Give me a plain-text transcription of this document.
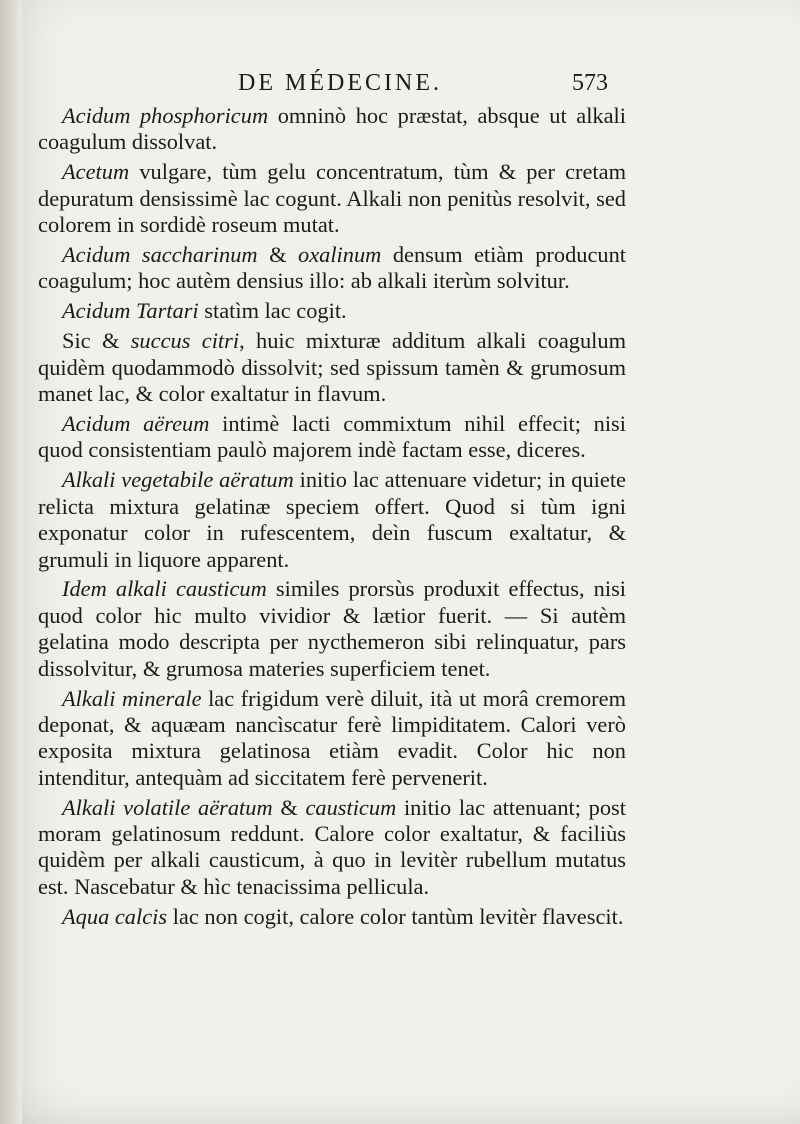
DE MÉDECINE.	573

Acidum phosphoricum omninò hoc præstat, absque ut alkali coagulum dissolvat.

Acetum vulgare, tùm gelu concentratum, tùm & per cretam depuratum densissimè lac cogunt. Alkali non penitùs resolvit, sed colorem in sordidè roseum mutat.

Acidum saccharinum & oxalinum densum etiàm producunt coagulum; hoc autèm densius illo: ab alkali iterùm solvitur.

Acidum Tartari statìm lac cogit.

Sic & succus citri, huic mixturæ additum alkali coagulum quidèm quodammodò dissolvit; sed spissum tamèn & grumosum manet lac, & color exaltatur in flavum.

Acidum aëreum intimè lacti commixtum nihil effecit; nisi quod consistentiam paulò majorem indè factam esse, diceres.

Alkali vegetabile aëratum initio lac attenuare videtur; in quiete relicta mixtura gelatinæ speciem offert. Quod si tùm igni exponatur color in rufescentem, deìn fuscum exaltatur, & grumuli in liquore apparent.

Idem alkali causticum similes prorsùs produxit effectus, nisi quod color hic multo vividior & lætior fuerit. — Si autèm gelatina modo descripta per nycthemeron sibi relinquatur, pars dissolvitur, & grumosa materies superficiem tenet.

Alkali minerale lac frigidum verè diluit, ità ut morâ cremorem deponat, & aquæam nancìscatur ferè limpiditatem. Calori verò exposita mixtura gelatinosa etiàm evadit. Color hic non intenditur, antequàm ad siccitatem ferè pervenerit.

Alkali volatile aëratum & causticum initio lac attenuant; post moram gelatinosum reddunt. Calore color exaltatur, & faciliùs quidèm per alkali causticum, à quo in levitèr rubellum mutatus est. Nascebatur & hìc tenacissima pellicula.

Aqua calcis lac non cogit, calore color tantùm levitèr flavescit.
